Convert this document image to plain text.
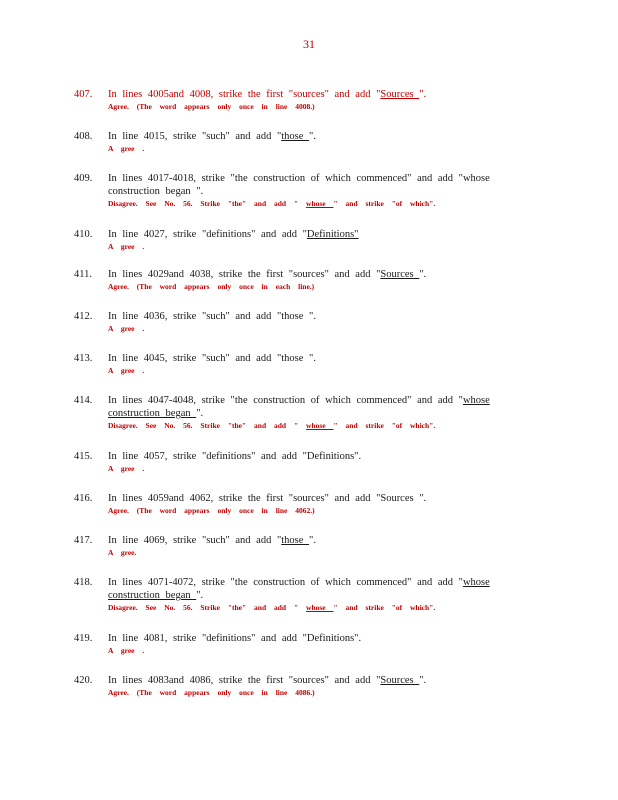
31
407. In lines 4005and 4008, strike the first "sources" and add "Sources ".
Agree. (The word appears only once in line 4008.)
408. In line 4015, strike "such" and add "those ".
A gree .
409. In lines 4017-4018, strike "the construction of which commenced" and add "whose
construction began ".
Disagree. See No. 56. Strike "the" and add " whose " and strike "of which".
410. In line 4027, strike "definitions" and add "Definitions"
A gree .
411. In lines 4029and 4038, strike the first "sources" and add "Sources ".
Agree. (The word appears only once in each line.)
412. In line 4036, strike "such" and add "those ".
A gree .
413. In line 4045, strike "such" and add "those ".
A gree .
414. In lines 4047-4048, strike "the construction of which commenced" and add "whose
construction began ".
Disagree. See No. 56. Strike "the" and add " whose " and strike "of which".
415. In line 4057, strike "definitions" and add "Definitions".
A gree .
416. In lines 4059and 4062, strike the first "sources" and add "Sources ".
Agree. (The word appears only once in line 4062.)
417. In line 4069, strike "such" and add "those ".
A gree.
418. In lines 4071-4072, strike "the construction of which commenced" and add "whose
construction began ".
Disagree. See No. 56. Strike "the" and add " whose " and strike "of which".
419. In line 4081, strike "definitions" and add "Definitions".
A gree .
420. In lines 4083and 4086, strike the first "sources" and add "Sources ".
Agree. (The word appears only once in line 4086.)
